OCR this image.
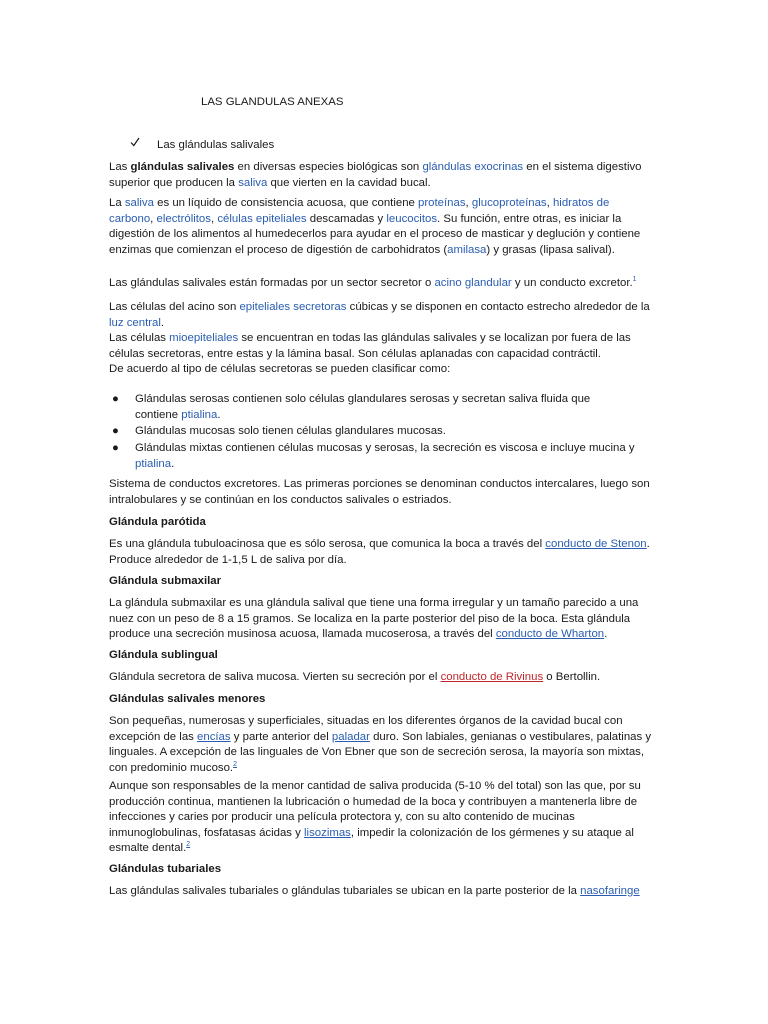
LAS GLANDULAS ANEXAS
Las glándulas salivales

Las glándulas salivales en diversas especies biológicas son glándulas exocrinas en el sistema digestivo superior que producen la saliva que vierten en la cavidad bucal.

La saliva es un líquido de consistencia acuosa, que contiene proteínas, glucoproteínas, hidratos de carbono, electrólitos, células epiteliales descamadas y leucocitos. Su función, entre otras, es iniciar la digestión de los alimentos al humedecerlos para ayudar en el proceso de masticar y deglución y contiene enzimas que comienzan el proceso de digestión de carbohidratos (amilasa) y grasas (lipasa salival).

Las glándulas salivales están formadas por un sector secretor o acino glandular y un conducto excretor.$^1$

Las células del acino son epiteliales secretoras cúbicas y se disponen en contacto estrecho alrededor de la luz central.
Las células mioepiteliales se encuentran en todas las glándulas salivales y se localizan por fuera de las células secretoras, entre estas y la lámina basal. Son células aplanadas con capacidad contráctil.
De acuerdo al tipo de células secretoras se pueden clasificar como:

● Glándulas serosas contienen solo células glandulares serosas y secretan saliva fluida que contiene ptialina.
● Glándulas mucosas solo tienen células glandulares mucosas.
● Glándulas mixtas contienen células mucosas y serosas, la secreción es viscosa e incluye mucina y ptialina.

Sistema de conductos excretores. Las primeras porciones se denominan conductos intercalares, luego son intralobulares y se continúan en los conductos salivales o estriados.

Glándula parótida

Es una glándula tubuloacinosa que es sólo serosa, que comunica la boca a través del conducto de Stenon. Produce alrededor de 1-1,5 L de saliva por día.

Glándula submaxilar

La glándula submaxilar es una glándula salival que tiene una forma irregular y un tamaño parecido a una nuez con un peso de 8 a 15 gramos. Se localiza en la parte posterior del piso de la boca. Esta glándula produce una secreción musinosa acuosa, llamada mucoserosa, a través del conducto de Wharton.

Glándula sublingual

Glándula secretora de saliva mucosa. Vierten su secreción por el conducto de Rivinus o Bertollin.

Glándulas salivales menores

Son pequeñas, numerosas y superficiales, situadas en los diferentes órganos de la cavidad bucal con excepción de las encías y parte anterior del paladar duro. Son labiales, genianas o vestibulares, palatinas y linguales. A excepción de las linguales de Von Ebner que son de secreción serosa, la mayoría son mixtas, con predominio mucoso.$^2$

Aunque son responsables de la menor cantidad de saliva producida (5-10 % del total) son las que, por su producción continua, mantienen la lubricación o humedad de la boca y contribuyen a mantenerla libre de infecciones y caries por producir una película protectora y, con su alto contenido de mucinas inmunoglobulinas, fosfatasas ácidas y lisozimas, impedir la colonización de los gérmenes y su ataque al esmalte dental.$^2$

Glándulas tubariales

Las glándulas salivales tubariales o glándulas tubariales se ubican en la parte posterior de la nasofaringe
